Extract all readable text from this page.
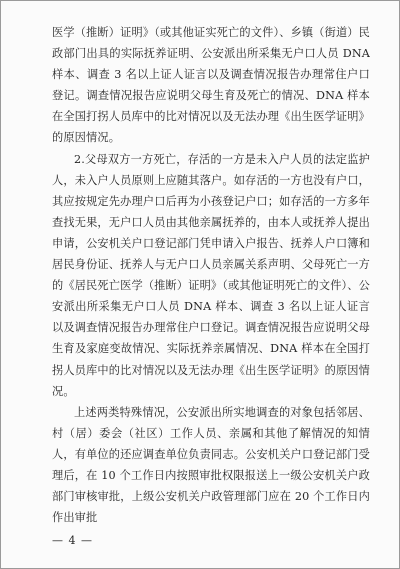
医学（推断）证明》（或其他证实死亡的文件）、乡镇（街道）民政部门出具的实际抚养证明、公安派出所采集无户口人员 DNA 样本、调查 3 名以上证人证言以及调查情况报告办理常住户口登记。调查情况报告应说明父母生育及死亡的情况、DNA 样本在全国打拐人员库中的比对情况以及无法办理《出生医学证明》的原因情况。

2.父母双方一方死亡，存活的一方是未入户人员的法定监护人，未入户人员原则上应随其落户。如存活的一方也没有户口，其应按规定先办理户口后再为小孩登记户口；如存活的一方多年查找无果，无户口人员由其他亲属抚养的，由本人或抚养人提出申请，公安机关户口登记部门凭申请入户报告、抚养人户口簿和居民身份证、抚养人与无户口人员亲属关系声明、父母死亡一方的《居民死亡医学（推断）证明》（或其他证明死亡的文件）、公安派出所采集无户口人员 DNA 样本、调查 3 名以上证人证言以及调查情况报告办理常住户口登记。调查情况报告应说明父母生育及家庭变故情况、实际抚养亲属情况、DNA 样本在全国打拐人员库中的比对情况以及无法办理《出生医学证明》的原因情况。

上述两类特殊情况，公安派出所实地调查的对象包括邻居、村（居）委会（社区）工作人员、亲属和其他了解情况的知情人，有单位的还应调查单位负责同志。公安机关户口登记部门受理后，在 10 个工作日内按照审批权限报送上一级公安机关户政部门审核审批，上级公安机关户政管理部门应在 20 个工作日内作出审批

— 4 —
